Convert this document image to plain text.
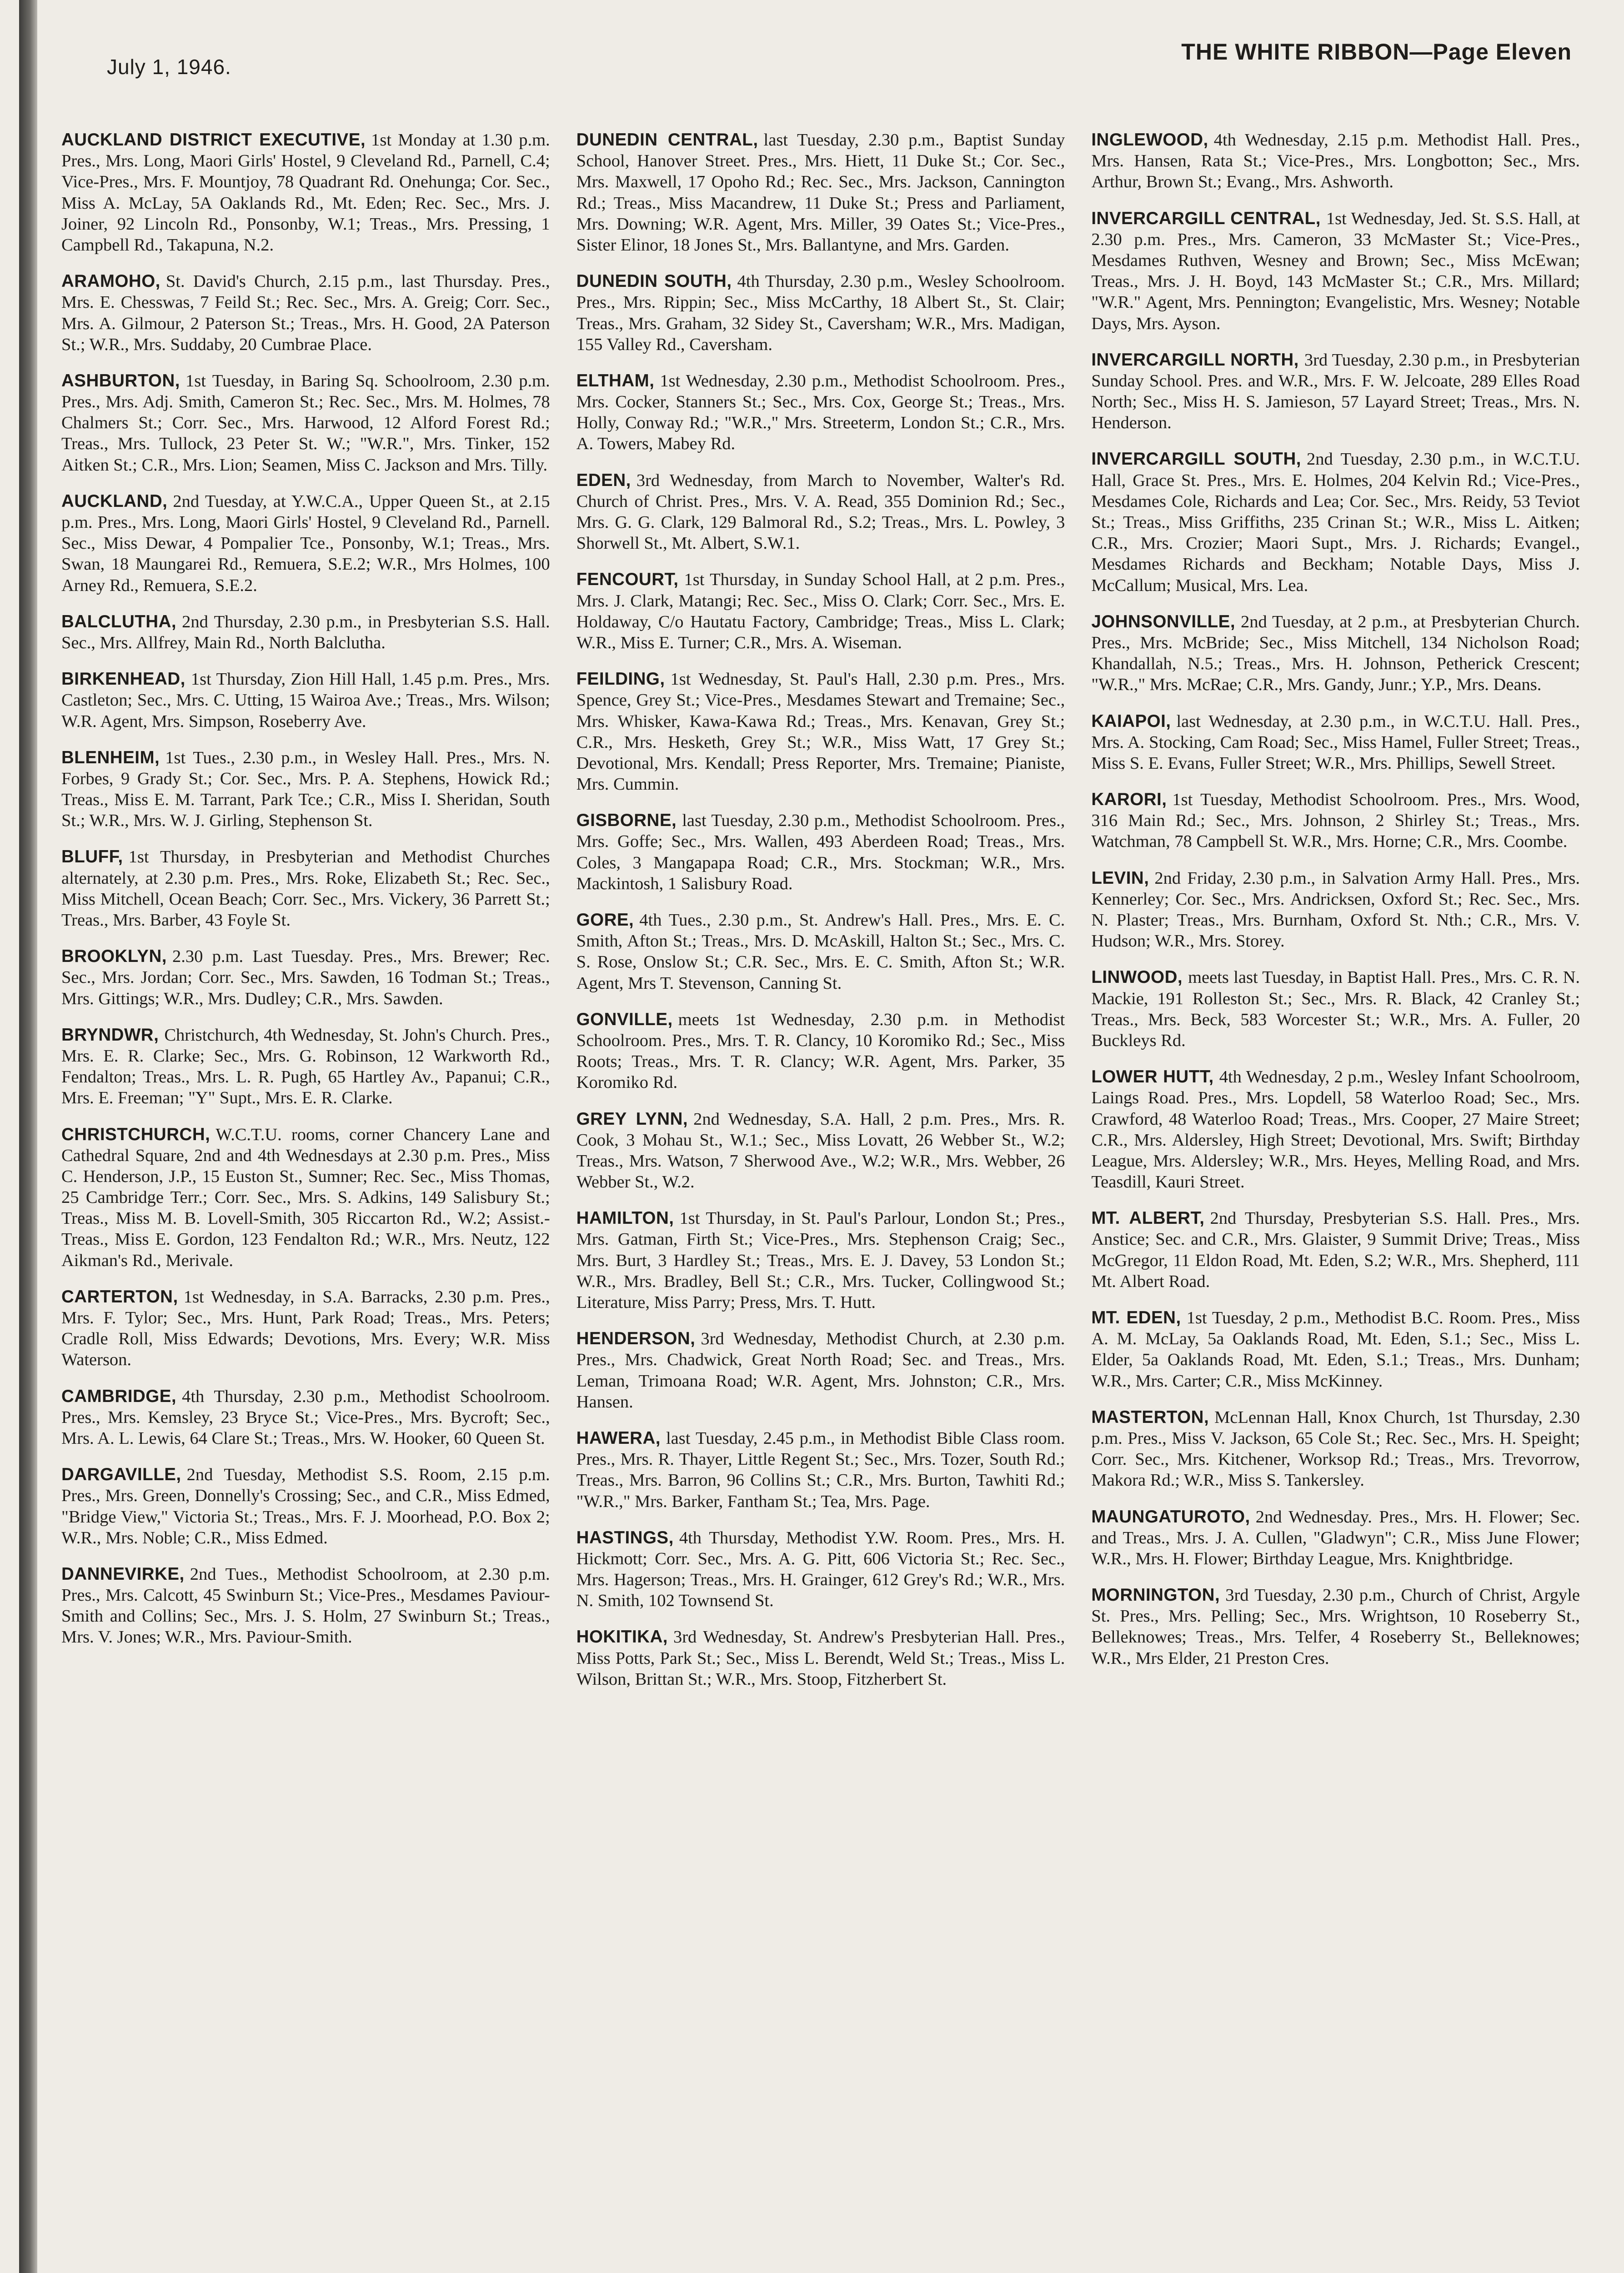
July 1, 1946.
THE WHITE RIBBON—Page Eleven

AUCKLAND DISTRICT EXECUTIVE, 1st Monday at 1.30 p.m. Pres., Mrs. Long, Maori Girls' Hostel, 9 Cleveland Rd., Parnell, C.4; Vice-Pres., Mrs. F. Mountjoy, 78 Quadrant Rd. Onehunga; Cor. Sec., Miss A. McLay, 5A Oaklands Rd., Mt. Eden; Rec. Sec., Mrs. J. Joiner, 92 Lincoln Rd., Ponsonby, W.1; Treas., Mrs. Pressing, 1 Campbell Rd., Takapuna, N.2.

ARAMOHO, St. David's Church, 2.15 p.m., last Thursday. Pres., Mrs. E. Chesswas, 7 Feild St.; Rec. Sec., Mrs. A. Greig; Corr. Sec., Mrs. A. Gilmour, 2 Paterson St.; Treas., Mrs. H. Good, 2A Paterson St.; W.R., Mrs. Suddaby, 20 Cumbrae Place.

ASHBURTON, 1st Tuesday, in Baring Sq. Schoolroom, 2.30 p.m. Pres., Mrs. Adj. Smith, Cameron St.; Rec. Sec., Mrs. M. Holmes, 78 Chalmers St.; Corr. Sec., Mrs. Harwood, 12 Alford Forest Rd.; Treas., Mrs. Tullock, 23 Peter St. W.; "W.R.", Mrs. Tinker, 152 Aitken St.; C.R., Mrs. Lion; Seamen, Miss C. Jackson and Mrs. Tilly.

AUCKLAND, 2nd Tuesday, at Y.W.C.A., Upper Queen St., at 2.15 p.m. Pres., Mrs. Long, Maori Girls' Hostel, 9 Cleveland Rd., Parnell. Sec., Miss Dewar, 4 Pompalier Tce., Ponsonby, W.1; Treas., Mrs. Swan, 18 Maungarei Rd., Remuera, S.E.2; W.R., Mrs Holmes, 100 Arney Rd., Remuera, S.E.2.

BALCLUTHA, 2nd Thursday, 2.30 p.m., in Presbyterian S.S. Hall. Sec., Mrs. Allfrey, Main Rd., North Balclutha.

BIRKENHEAD, 1st Thursday, Zion Hill Hall, 1.45 p.m. Pres., Mrs. Castleton; Sec., Mrs. C. Utting, 15 Wairoa Ave.; Treas., Mrs. Wilson; W.R. Agent, Mrs. Simpson, Roseberry Ave.

BLENHEIM, 1st Tues., 2.30 p.m., in Wesley Hall. Pres., Mrs. N. Forbes, 9 Grady St.; Cor. Sec., Mrs. P. A. Stephens, Howick Rd.; Treas., Miss E. M. Tarrant, Park Tce.; C.R., Miss I. Sheridan, South St.; W.R., Mrs. W. J. Girling, Stephenson St.

BLUFF, 1st Thursday, in Presbyterian and Methodist Churches alternately, at 2.30 p.m. Pres., Mrs. Roke, Elizabeth St.; Rec. Sec., Miss Mitchell, Ocean Beach; Corr. Sec., Mrs. Vickery, 36 Parrett St.; Treas., Mrs. Barber, 43 Foyle St.

BROOKLYN, 2.30 p.m. Last Tuesday. Pres., Mrs. Brewer; Rec. Sec., Mrs. Jordan; Corr. Sec., Mrs. Sawden, 16 Todman St.; Treas., Mrs. Gittings; W.R., Mrs. Dudley; C.R., Mrs. Sawden.

BRYNDWR, Christchurch, 4th Wednesday, St. John's Church. Pres., Mrs. E. R. Clarke; Sec., Mrs. G. Robinson, 12 Warkworth Rd., Fendalton; Treas., Mrs. L. R. Pugh, 65 Hartley Av., Papanui; C.R., Mrs. E. Freeman; "Y" Supt., Mrs. E. R. Clarke.

CHRISTCHURCH, W.C.T.U. rooms, corner Chancery Lane and Cathedral Square, 2nd and 4th Wednesdays at 2.30 p.m. Pres., Miss C. Henderson, J.P., 15 Euston St., Sumner; Rec. Sec., Miss Thomas, 25 Cambridge Terr.; Corr. Sec., Mrs. S. Adkins, 149 Salisbury St.; Treas., Miss M. B. Lovell-Smith, 305 Riccarton Rd., W.2; Assist.-Treas., Miss E. Gordon, 123 Fendalton Rd.; W.R., Mrs. Neutz, 122 Aikman's Rd., Merivale.

CARTERTON, 1st Wednesday, in S.A. Barracks, 2.30 p.m. Pres., Mrs. F. Tylor; Sec., Mrs. Hunt, Park Road; Treas., Mrs. Peters; Cradle Roll, Miss Edwards; Devotions, Mrs. Every; W.R. Miss Waterson.

CAMBRIDGE, 4th Thursday, 2.30 p.m., Methodist Schoolroom. Pres., Mrs. Kemsley, 23 Bryce St.; Vice-Pres., Mrs. Bycroft; Sec., Mrs. A. L. Lewis, 64 Clare St.; Treas., Mrs. W. Hooker, 60 Queen St.

DARGAVILLE, 2nd Tuesday, Methodist S.S. Room, 2.15 p.m. Pres., Mrs. Green, Donnelly's Crossing; Sec., and C.R., Miss Edmed, "Bridge View," Victoria St.; Treas., Mrs. F. J. Moorhead, P.O. Box 2; W.R., Mrs. Noble; C.R., Miss Edmed.

DANNEVIRKE, 2nd Tues., Methodist Schoolroom, at 2.30 p.m. Pres., Mrs. Calcott, 45 Swinburn St.; Vice-Pres., Mesdames Paviour-Smith and Collins; Sec., Mrs. J. S. Holm, 27 Swinburn St.; Treas., Mrs. V. Jones; W.R., Mrs. Paviour-Smith.

DUNEDIN CENTRAL, last Tuesday, 2.30 p.m., Baptist Sunday School, Hanover Street. Pres., Mrs. Hiett, 11 Duke St.; Cor. Sec., Mrs. Maxwell, 17 Opoho Rd.; Rec. Sec., Mrs. Jackson, Cannington Rd.; Treas., Miss Macandrew, 11 Duke St.; Press and Parliament, Mrs. Downing; W.R. Agent, Mrs. Miller, 39 Oates St.; Vice-Pres., Sister Elinor, 18 Jones St., Mrs. Ballantyne, and Mrs. Garden.

DUNEDIN SOUTH, 4th Thursday, 2.30 p.m., Wesley Schoolroom. Pres., Mrs. Rippin; Sec., Miss McCarthy, 18 Albert St., St. Clair; Treas., Mrs. Graham, 32 Sidey St., Caversham; W.R., Mrs. Madigan, 155 Valley Rd., Caversham.

ELTHAM, 1st Wednesday, 2.30 p.m., Methodist Schoolroom. Pres., Mrs. Cocker, Stanners St.; Sec., Mrs. Cox, George St.; Treas., Mrs. Holly, Conway Rd.; "W.R.," Mrs. Streeterm, London St.; C.R., Mrs. A. Towers, Mabey Rd.

EDEN, 3rd Wednesday, from March to November, Walter's Rd. Church of Christ. Pres., Mrs. V. A. Read, 355 Dominion Rd.; Sec., Mrs. G. G. Clark, 129 Balmoral Rd., S.2; Treas., Mrs. L. Powley, 3 Shorwell St., Mt. Albert, S.W.1.

FENCOURT, 1st Thursday, in Sunday School Hall, at 2 p.m. Pres., Mrs. J. Clark, Matangi; Rec. Sec., Miss O. Clark; Corr. Sec., Mrs. E. Holdaway, C/o Hautatu Factory, Cambridge; Treas., Miss L. Clark; W.R., Miss E. Turner; C.R., Mrs. A. Wiseman.

FEILDING, 1st Wednesday, St. Paul's Hall, 2.30 p.m. Pres., Mrs. Spence, Grey St.; Vice-Pres., Mesdames Stewart and Tremaine; Sec., Mrs. Whisker, Kawa-Kawa Rd.; Treas., Mrs. Kenavan, Grey St.; C.R., Mrs. Hesketh, Grey St.; W.R., Miss Watt, 17 Grey St.; Devotional, Mrs. Kendall; Press Reporter, Mrs. Tremaine; Pianiste, Mrs. Cummin.

GISBORNE, last Tuesday, 2.30 p.m., Methodist Schoolroom. Pres., Mrs. Goffe; Sec., Mrs. Wallen, 493 Aberdeen Road; Treas., Mrs. Coles, 3 Mangapapa Road; C.R., Mrs. Stockman; W.R., Mrs. Mackintosh, 1 Salisbury Road.

GORE, 4th Tues., 2.30 p.m., St. Andrew's Hall. Pres., Mrs. E. C. Smith, Afton St.; Treas., Mrs. D. McAskill, Halton St.; Sec., Mrs. C. S. Rose, Onslow St.; C.R. Sec., Mrs. E. C. Smith, Afton St.; W.R. Agent, Mrs T. Stevenson, Canning St.

GONVILLE, meets 1st Wednesday, 2.30 p.m. in Methodist Schoolroom. Pres., Mrs. T. R. Clancy, 10 Koromiko Rd.; Sec., Miss Roots; Treas., Mrs. T. R. Clancy; W.R. Agent, Mrs. Parker, 35 Koromiko Rd.

GREY LYNN, 2nd Wednesday, S.A. Hall, 2 p.m. Pres., Mrs. R. Cook, 3 Mohau St., W.1.; Sec., Miss Lovatt, 26 Webber St., W.2; Treas., Mrs. Watson, 7 Sherwood Ave., W.2; W.R., Mrs. Webber, 26 Webber St., W.2.

HAMILTON, 1st Thursday, in St. Paul's Parlour, London St.; Pres., Mrs. Gatman, Firth St.; Vice-Pres., Mrs. Stephenson Craig; Sec., Mrs. Burt, 3 Hardley St.; Treas., Mrs. E. J. Davey, 53 London St.; W.R., Mrs. Bradley, Bell St.; C.R., Mrs. Tucker, Collingwood St.; Literature, Miss Parry; Press, Mrs. T. Hutt.

HENDERSON, 3rd Wednesday, Methodist Church, at 2.30 p.m. Pres., Mrs. Chadwick, Great North Road; Sec. and Treas., Mrs. Leman, Trimoana Road; W.R. Agent, Mrs. Johnston; C.R., Mrs. Hansen.

HAWERA, last Tuesday, 2.45 p.m., in Methodist Bible Class room. Pres., Mrs. R. Thayer, Little Regent St.; Sec., Mrs. Tozer, South Rd.; Treas., Mrs. Barron, 96 Collins St.; C.R., Mrs. Burton, Tawhiti Rd.; "W.R.," Mrs. Barker, Fantham St.; Tea, Mrs. Page.

HASTINGS, 4th Thursday, Methodist Y.W. Room. Pres., Mrs. H. Hickmott; Corr. Sec., Mrs. A. G. Pitt, 606 Victoria St.; Rec. Sec., Mrs. Hagerson; Treas., Mrs. H. Grainger, 612 Grey's Rd.; W.R., Mrs. N. Smith, 102 Townsend St.

HOKITIKA, 3rd Wednesday, St. Andrew's Presbyterian Hall. Pres., Miss Potts, Park St.; Sec., Miss L. Berendt, Weld St.; Treas., Miss L. Wilson, Brittan St.; W.R., Mrs. Stoop, Fitzherbert St.

INGLEWOOD, 4th Wednesday, 2.15 p.m. Methodist Hall. Pres., Mrs. Hansen, Rata St.; Vice-Pres., Mrs. Longbotton; Sec., Mrs. Arthur, Brown St.; Evang., Mrs. Ashworth.

INVERCARGILL CENTRAL, 1st Wednesday, Jed. St. S.S. Hall, at 2.30 p.m. Pres., Mrs. Cameron, 33 McMaster St.; Vice-Pres., Mesdames Ruthven, Wesney and Brown; Sec., Miss McEwan; Treas., Mrs. J. H. Boyd, 143 McMaster St.; C.R., Mrs. Millard; "W.R." Agent, Mrs. Pennington; Evangelistic, Mrs. Wesney; Notable Days, Mrs. Ayson.

INVERCARGILL NORTH, 3rd Tuesday, 2.30 p.m., in Presbyterian Sunday School. Pres. and W.R., Mrs. F. W. Jelcoate, 289 Elles Road North; Sec., Miss H. S. Jamieson, 57 Layard Street; Treas., Mrs. N. Henderson.

INVERCARGILL SOUTH, 2nd Tuesday, 2.30 p.m., in W.C.T.U. Hall, Grace St. Pres., Mrs. E. Holmes, 204 Kelvin Rd.; Vice-Pres., Mesdames Cole, Richards and Lea; Cor. Sec., Mrs. Reidy, 53 Teviot St.; Treas., Miss Griffiths, 235 Crinan St.; W.R., Miss L. Aitken; C.R., Mrs. Crozier; Maori Supt., Mrs. J. Richards; Evangel., Mesdames Richards and Beckham; Notable Days, Miss J. McCallum; Musical, Mrs. Lea.

JOHNSONVILLE, 2nd Tuesday, at 2 p.m., at Presbyterian Church. Pres., Mrs. McBride; Sec., Miss Mitchell, 134 Nicholson Road; Khandallah, N.5.; Treas., Mrs. H. Johnson, Petherick Crescent; "W.R.," Mrs. McRae; C.R., Mrs. Gandy, Junr.; Y.P., Mrs. Deans.

KAIAPOI, last Wednesday, at 2.30 p.m., in W.C.T.U. Hall. Pres., Mrs. A. Stocking, Cam Road; Sec., Miss Hamel, Fuller Street; Treas., Miss S. E. Evans, Fuller Street; W.R., Mrs. Phillips, Sewell Street.

KARORI, 1st Tuesday, Methodist Schoolroom. Pres., Mrs. Wood, 316 Main Rd.; Sec., Mrs. Johnson, 2 Shirley St.; Treas., Mrs. Watchman, 78 Campbell St. W.R., Mrs. Horne; C.R., Mrs. Coombe.

LEVIN, 2nd Friday, 2.30 p.m., in Salvation Army Hall. Pres., Mrs. Kennerley; Cor. Sec., Mrs. Andricksen, Oxford St.; Rec. Sec., Mrs. N. Plaster; Treas., Mrs. Burnham, Oxford St. Nth.; C.R., Mrs. V. Hudson; W.R., Mrs. Storey.

LINWOOD, meets last Tuesday, in Baptist Hall. Pres., Mrs. C. R. N. Mackie, 191 Rolleston St.; Sec., Mrs. R. Black, 42 Cranley St.; Treas., Mrs. Beck, 583 Worcester St.; W.R., Mrs. A. Fuller, 20 Buckleys Rd.

LOWER HUTT, 4th Wednesday, 2 p.m., Wesley Infant Schoolroom, Laings Road. Pres., Mrs. Lopdell, 58 Waterloo Road; Sec., Mrs. Crawford, 48 Waterloo Road; Treas., Mrs. Cooper, 27 Maire Street; C.R., Mrs. Aldersley, High Street; Devotional, Mrs. Swift; Birthday League, Mrs. Aldersley; W.R., Mrs. Heyes, Melling Road, and Mrs. Teasdill, Kauri Street.

MT. ALBERT, 2nd Thursday, Presbyterian S.S. Hall. Pres., Mrs. Anstice; Sec. and C.R., Mrs. Glaister, 9 Summit Drive; Treas., Miss McGregor, 11 Eldon Road, Mt. Eden, S.2; W.R., Mrs. Shepherd, 111 Mt. Albert Road.

MT. EDEN, 1st Tuesday, 2 p.m., Methodist B.C. Room. Pres., Miss A. M. McLay, 5a Oaklands Road, Mt. Eden, S.1.; Sec., Miss L. Elder, 5a Oaklands Road, Mt. Eden, S.1.; Treas., Mrs. Dunham; W.R., Mrs. Carter; C.R., Miss McKinney.

MASTERTON, McLennan Hall, Knox Church, 1st Thursday, 2.30 p.m. Pres., Miss V. Jackson, 65 Cole St.; Rec. Sec., Mrs. H. Speight; Corr. Sec., Mrs. Kitchener, Worksop Rd.; Treas., Mrs. Trevorrow, Makora Rd.; W.R., Miss S. Tankersley.

MAUNGATUROTO, 2nd Wednesday. Pres., Mrs. H. Flower; Sec. and Treas., Mrs. J. A. Cullen, "Gladwyn"; C.R., Miss June Flower; W.R., Mrs. H. Flower; Birthday League, Mrs. Knightbridge.

MORNINGTON, 3rd Tuesday, 2.30 p.m., Church of Christ, Argyle St. Pres., Mrs. Pelling; Sec., Mrs. Wrightson, 10 Roseberry St., Belleknowes; Treas., Mrs. Telfer, 4 Roseberry St., Belleknowes; W.R., Mrs Elder, 21 Preston Cres.
